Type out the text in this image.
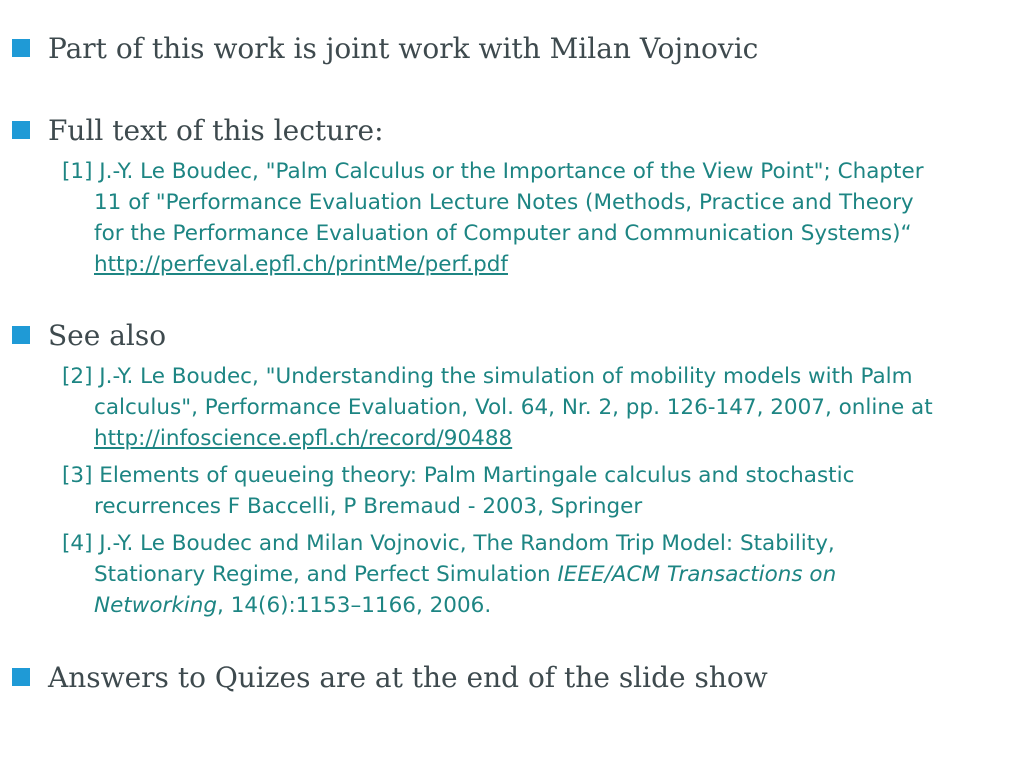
Part of this work is joint work with Milan Vojnovic
Full text of this lecture:
[1] J.-Y. Le Boudec, "Palm Calculus or the Importance of the View Point"; Chapter
11 of "Performance Evaluation Lecture Notes (Methods, Practice and Theory
for the Performance Evaluation of Computer and Communication Systems)“
http://perfeval.epfl.ch/printMe/perf.pdf
See also
[2] J.-Y. Le Boudec, "Understanding the simulation of mobility models with Palm
calculus", Performance Evaluation, Vol. 64, Nr. 2, pp. 126-147, 2007, online at
http://infoscience.epfl.ch/record/90488
[3] Elements of queueing theory: Palm Martingale calculus and stochastic
recurrences F Baccelli, P Bremaud - 2003, Springer
[4] J.-Y. Le Boudec and Milan Vojnovic, The Random Trip Model: Stability,
Stationary Regime, and Perfect Simulation IEEE/ACM Transactions on
Networking, 14(6):1153–1166, 2006.
Answers to Quizes are at the end of the slide show
